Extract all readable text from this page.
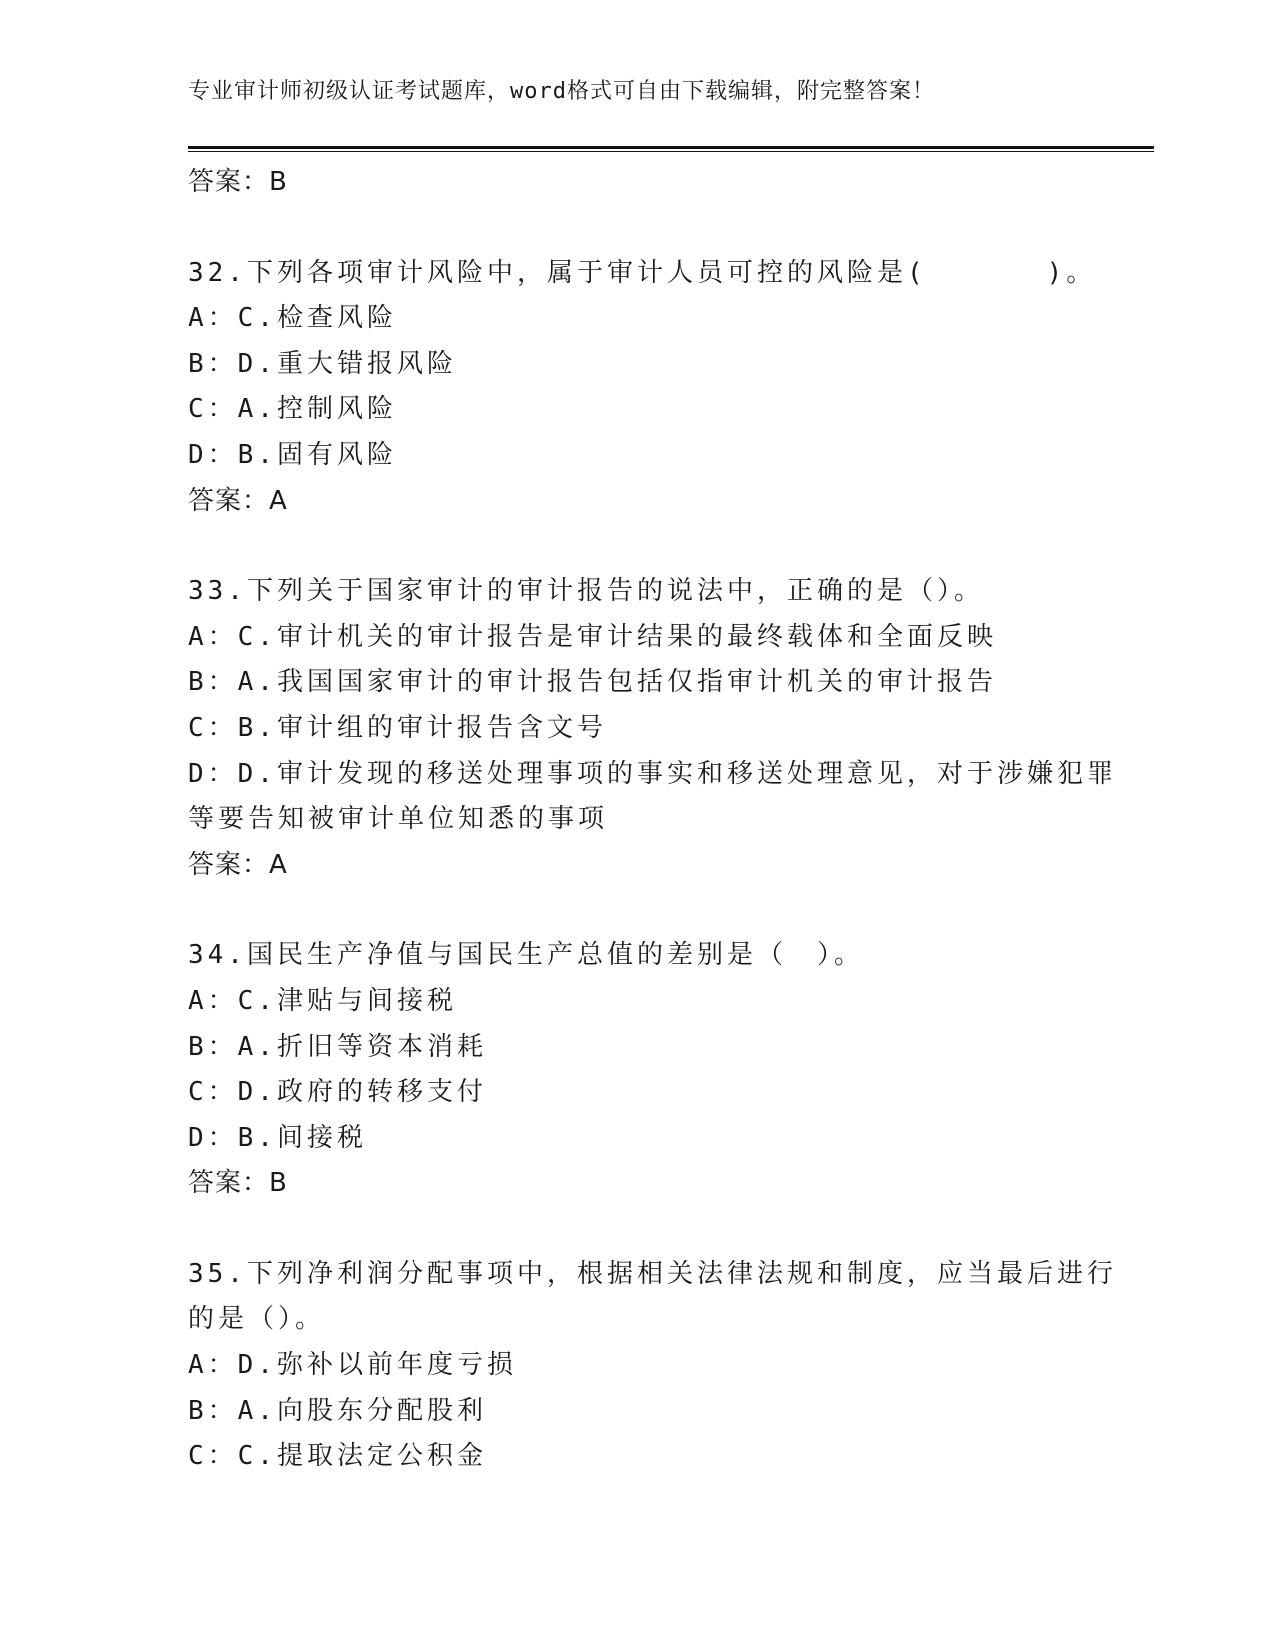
专业审计师初级认证考试题库，word格式可自由下载编辑，附完整答案！
答案：B
32.下列各项审计风险中，属于审计人员可控的风险是(　　　　)。
A：C.检查风险
B：D.重大错报风险
C：A.控制风险
D：B.固有风险
答案：A
33.下列关于国家审计的审计报告的说法中，正确的是（）。
A：C.审计机关的审计报告是审计结果的最终载体和全面反映
B：A.我国国家审计的审计报告包括仅指审计机关的审计报告
C：B.审计组的审计报告含文号
D：D.审计发现的移送处理事项的事实和移送处理意见，对于涉嫌犯罪
等要告知被审计单位知悉的事项
答案：A
34.国民生产净值与国民生产总值的差别是（　）。
A：C.津贴与间接税
B：A.折旧等资本消耗
C：D.政府的转移支付
D：B.间接税
答案：B
35.下列净利润分配事项中，根据相关法律法规和制度，应当最后进行
的是（）。
A：D.弥补以前年度亏损
B：A.向股东分配股利
C：C.提取法定公积金
